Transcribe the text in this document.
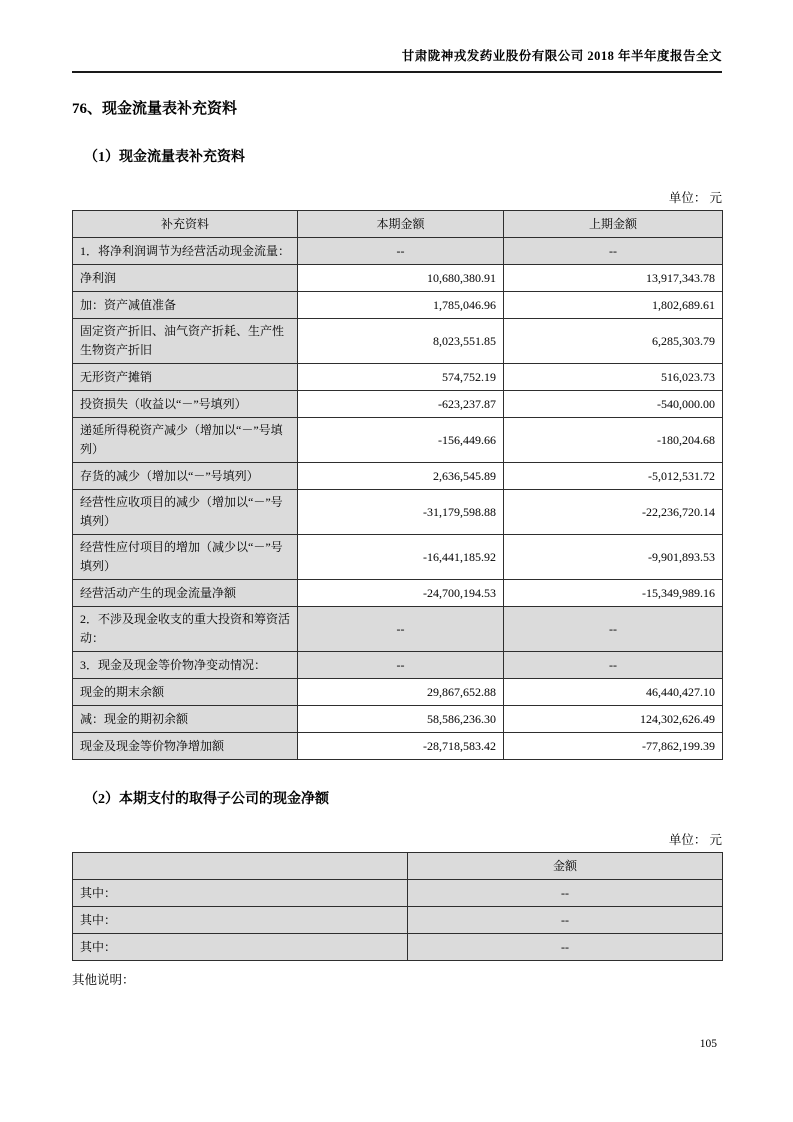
甘肃陇神戎发药业股份有限公司 2018 年半年度报告全文
76、现金流量表补充资料
（1）现金流量表补充资料
单位： 元
补充资料	本期金额	上期金额
1．将净利润调节为经营活动现金流量：	--	--
净利润	10,680,380.91	13,917,343.78
加：资产减值准备	1,785,046.96	1,802,689.61
固定资产折旧、油气资产折耗、生产性生物资产折旧	8,023,551.85	6,285,303.79
无形资产摊销	574,752.19	516,023.73
投资损失（收益以“－”号填列）	-623,237.87	-540,000.00
递延所得税资产减少（增加以“－”号填列）	-156,449.66	-180,204.68
存货的减少（增加以“－”号填列）	2,636,545.89	-5,012,531.72
经营性应收项目的减少（增加以“－”号填列）	-31,179,598.88	-22,236,720.14
经营性应付项目的增加（减少以“－”号填列）	-16,441,185.92	-9,901,893.53
经营活动产生的现金流量净额	-24,700,194.53	-15,349,989.16
2．不涉及现金收支的重大投资和筹资活动：	--	--
3．现金及现金等价物净变动情况：	--	--
现金的期末余额	29,867,652.88	46,440,427.10
减：现金的期初余额	58,586,236.30	124,302,626.49
现金及现金等价物净增加额	-28,718,583.42	-77,862,199.39
（2）本期支付的取得子公司的现金净额
单位： 元
	金额
其中：	--
其中：	--
其中：	--
其他说明：
105
